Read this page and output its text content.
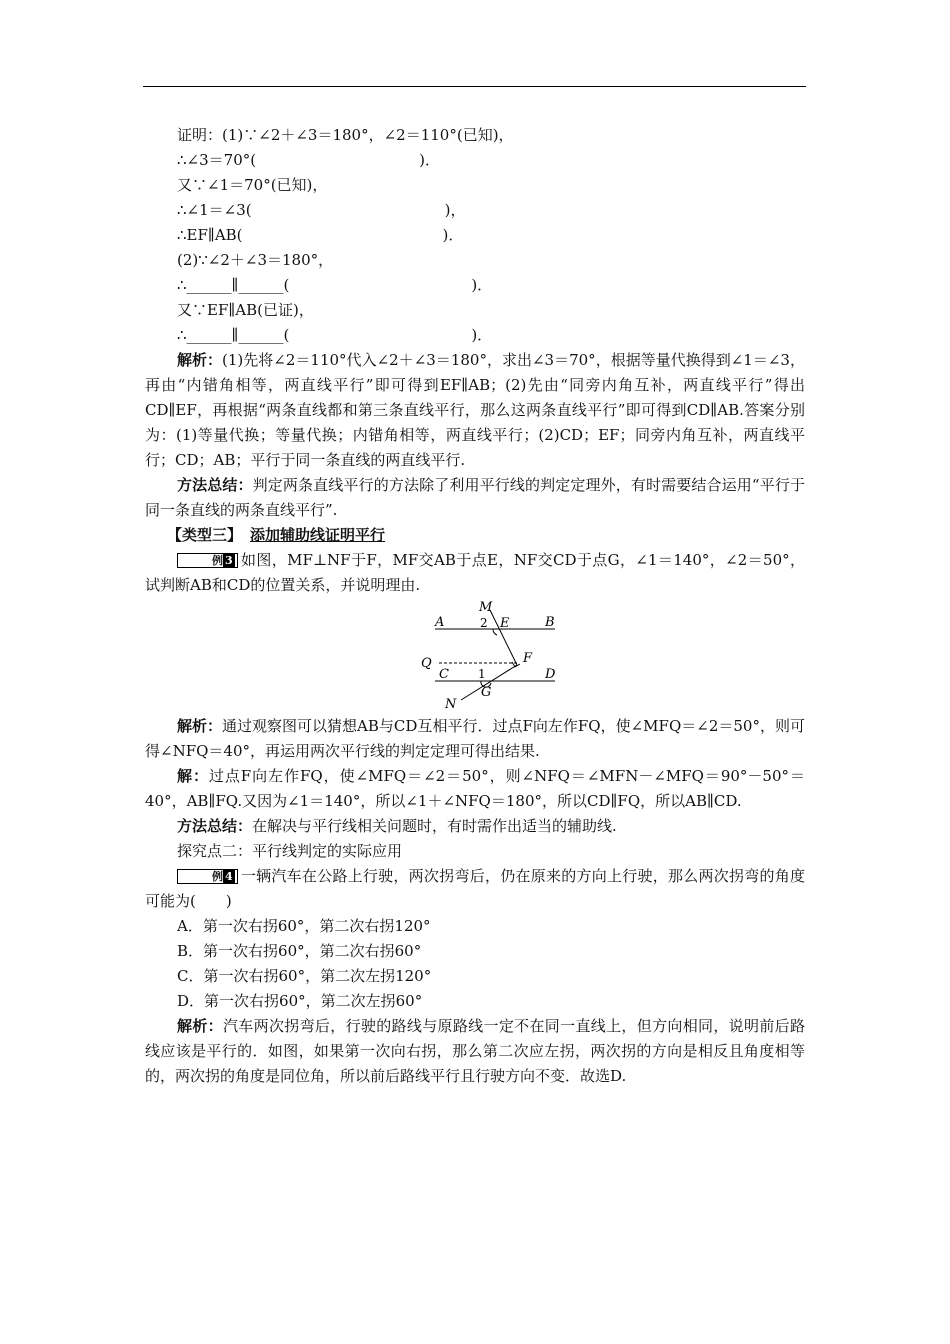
证明：(1)∵∠2＋∠3＝180°，∠2＝110°(已知)，
∴∠3＝70°(	)．
又∵∠1＝70°(已知)，
∴∠1＝∠3(	)，
∴EF∥AB(	)．
(2)∵∠2＋∠3＝180°，
∴______∥______(	)．
又∵EF∥AB(已证)，
∴______∥______(	)．

解析：(1)先将∠2＝110°代入∠2＋∠3＝180°，求出∠3＝70°，根据等量代换得到∠1＝∠3，再由“内错角相等，两直线平行”即可得到EF∥AB；(2)先由“同旁内角互补，两直线平行”得出CD∥EF，再根据“两条直线都和第三条直线平行，那么这两条直线平行”即可得到CD∥AB.答案分别为：(1)等量代换；等量代换；内错角相等，两直线平行；(2)CD；EF；同旁内角互补，两直线平行；CD；AB；平行于同一条直线的两直线平行.

方法总结：判定两条直线平行的方法除了利用平行线的判定定理外，有时需要结合运用“平行于同一条直线的两条直线平行”.

【类型三】 添加辅助线证明平行

例 3 如图，MF⊥NF于F，MF交AB于点E，NF交CD于点G，∠1＝140°，∠2＝50°，试判断AB和CD的位置关系，并说明理由.

M
A	2 E	B
Q	F
C 1	D
G
N

解析：通过观察图可以猜想AB与CD互相平行．过点F向左作FQ，使∠MFQ＝∠2＝50°，则可得∠NFQ＝40°，再运用两次平行线的判定定理可得出结果.

解：过点F向左作FQ，使∠MFQ＝∠2＝50°，则∠NFQ＝∠MFN－∠MFQ＝90°－50°＝40°，AB∥FQ.又因为∠1＝140°，所以∠1＋∠NFQ＝180°，所以CD∥FQ，所以AB∥CD.

方法总结：在解决与平行线相关问题时，有时需作出适当的辅助线.

探究点二：平行线判定的实际应用

例 4 一辆汽车在公路上行驶，两次拐弯后，仍在原来的方向上行驶，那么两次拐弯的角度可能为(　　)

A．第一次右拐60°，第二次右拐120°
B．第一次右拐60°，第二次右拐60°
C．第一次右拐60°，第二次左拐120°
D．第一次右拐60°，第二次左拐60°

解析：汽车两次拐弯后，行驶的路线与原路线一定不在同一直线上，但方向相同，说明前后路线应该是平行的．如图，如果第一次向右拐，那么第二次应左拐，两次拐的方向是相反且角度相等的，两次拐的角度是同位角，所以前后路线平行且行驶方向不变．故选D.
